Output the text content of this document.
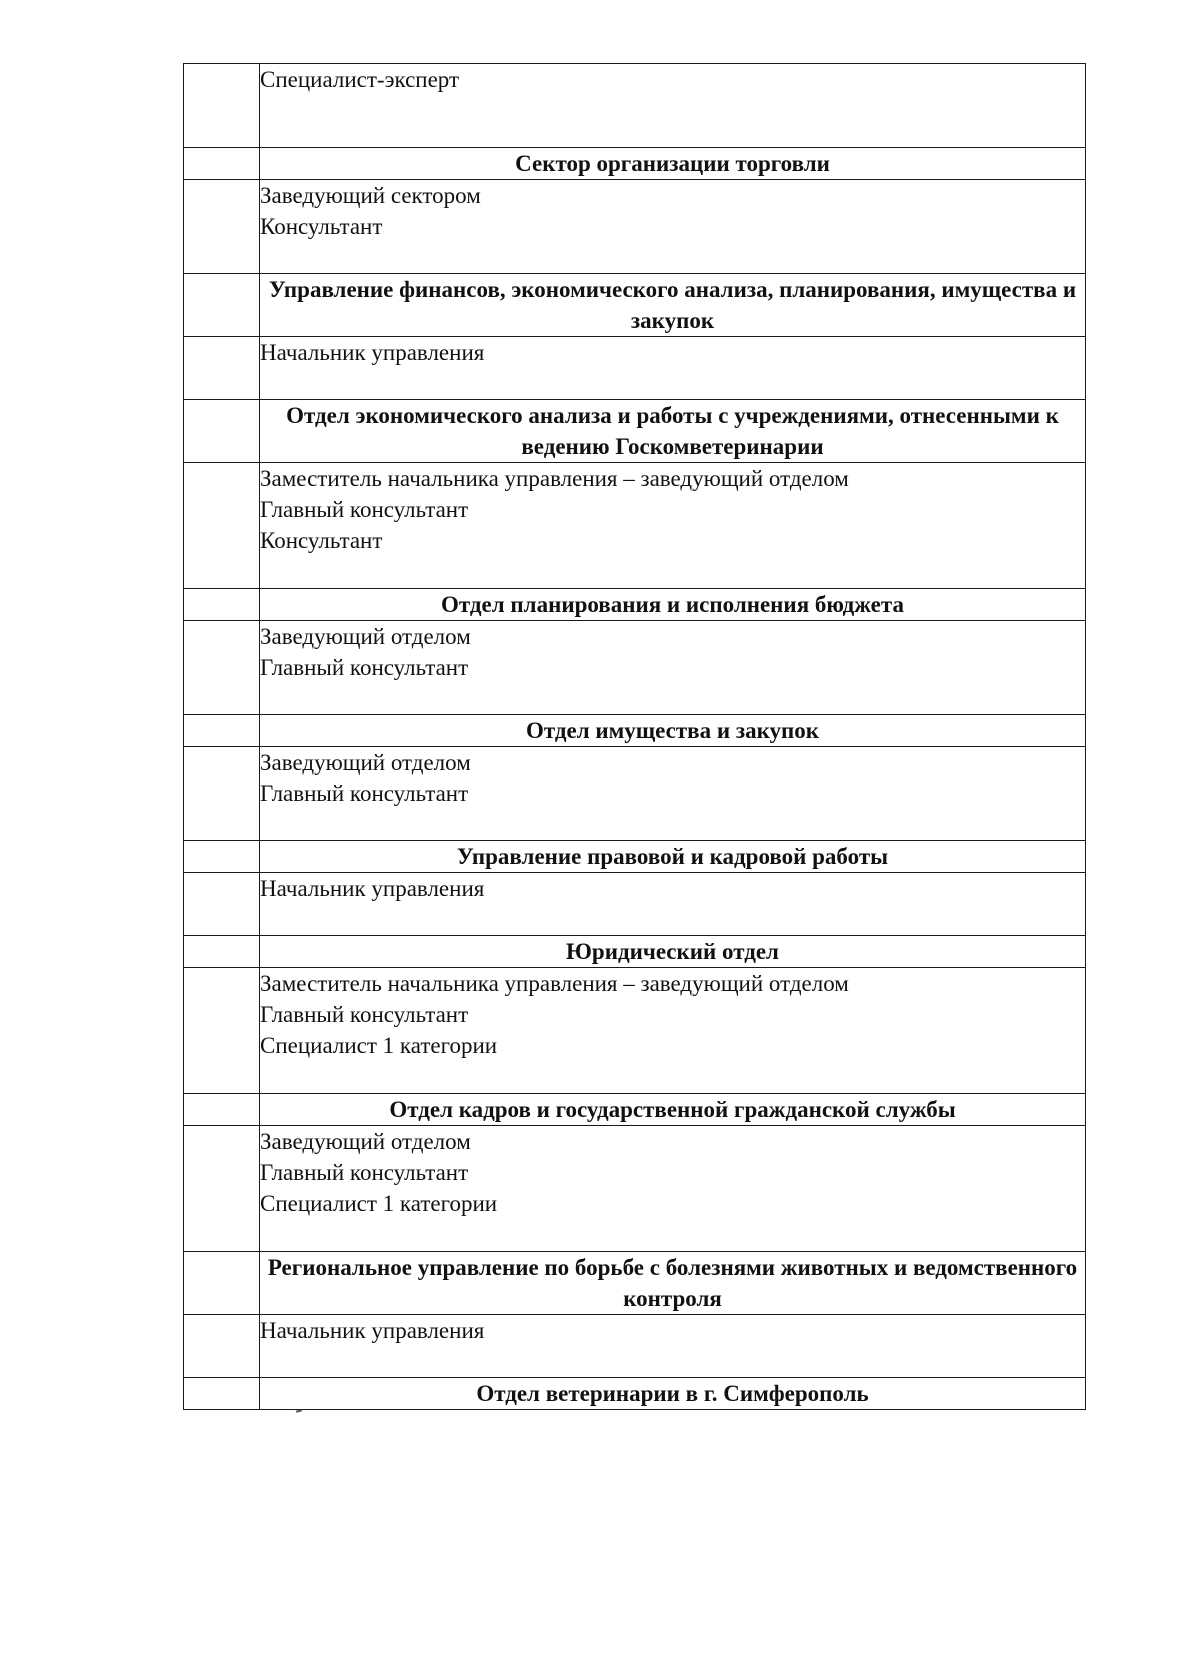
	Специалист-эксперт

	Сектор организации торговли

	Заведующий сектором
Консультант

	Управление финансов, экономического анализа, планирования, имущества и закупок

	Начальник управления

	Отдел экономического анализа и работы с учреждениями, отнесенными к ведению Госкомветеринарии

	Заместитель начальника управления – заведующий отделом
Главный консультант
Консультант

	Отдел планирования и исполнения бюджета

	Заведующий отделом
Главный консультант

	Отдел имущества и закупок

	Заведующий отделом
Главный консультант

	Управление правовой и кадровой работы

	Начальник управления

	Юридический отдел

	Заместитель начальника управления – заведующий отделом
Главный консультант
Специалист 1 категории

	Отдел кадров и государственной гражданской службы

	Заведующий отделом
Главный консультант
Специалист 1 категории

	Региональное управление по борьбе с болезнями животных и ведомственного контроля

	Начальник управления

	Отдел ветеринарии в г. Симферополь
